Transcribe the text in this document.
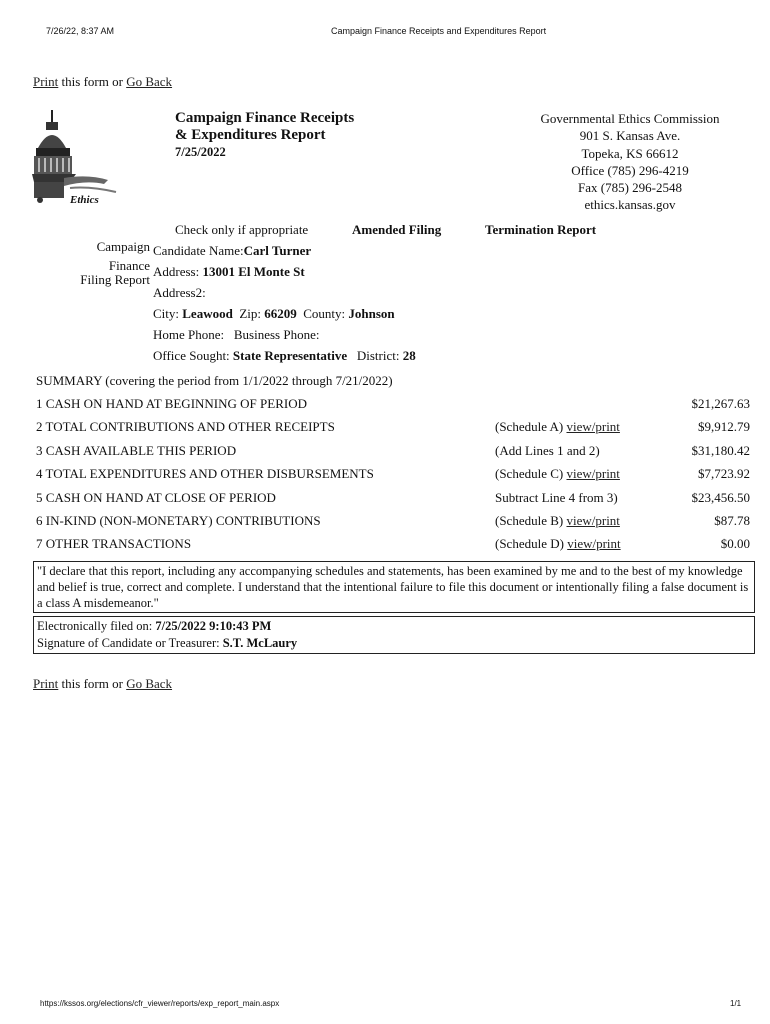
7/26/22, 8:37 AM	Campaign Finance Receipts and Expenditures Report
Print this form or Go Back
Ethics
Campaign Finance Receipts
& Expenditures Report
7/25/2022
Governmental Ethics Commission
901 S. Kansas Ave.
Topeka, KS 66612
Office (785) 296-4219
Fax (785) 296-2548
ethics.kansas.gov
Check only if appropriate	Amended Filing	Termination Report
Campaign
Finance
Filing Report
Candidate Name:Carl Turner
Address: 13001 El Monte St
Address2:
City: Leawood Zip: 66209 County: Johnson
Home Phone: Business Phone:
Office Sought: State Representative District: 28
SUMMARY (covering the period from 1/1/2022 through 7/21/2022)
1 CASH ON HAND AT BEGINNING OF PERIOD	$21,267.63
2 TOTAL CONTRIBUTIONS AND OTHER RECEIPTS	(Schedule A) view/print	$9,912.79
3 CASH AVAILABLE THIS PERIOD	(Add Lines 1 and 2)	$31,180.42
4 TOTAL EXPENDITURES AND OTHER DISBURSEMENTS	(Schedule C) view/print	$7,723.92
5 CASH ON HAND AT CLOSE OF PERIOD	Subtract Line 4 from 3)	$23,456.50
6 IN-KIND (NON-MONETARY) CONTRIBUTIONS	(Schedule B) view/print	$87.78
7 OTHER TRANSACTIONS	(Schedule D) view/print	$0.00
"I declare that this report, including any accompanying schedules and statements, has been examined by me and to the best of my knowledge and belief is true, correct and complete. I understand that the intentional failure to file this document or intentionally filing a false document is a class A misdemeanor."
Electronically filed on: 7/25/2022 9:10:43 PM
Signature of Candidate or Treasurer: S.T. McLaury
Print this form or Go Back
https://kssos.org/elections/cfr_viewer/reports/exp_report_main.aspx	1/1
